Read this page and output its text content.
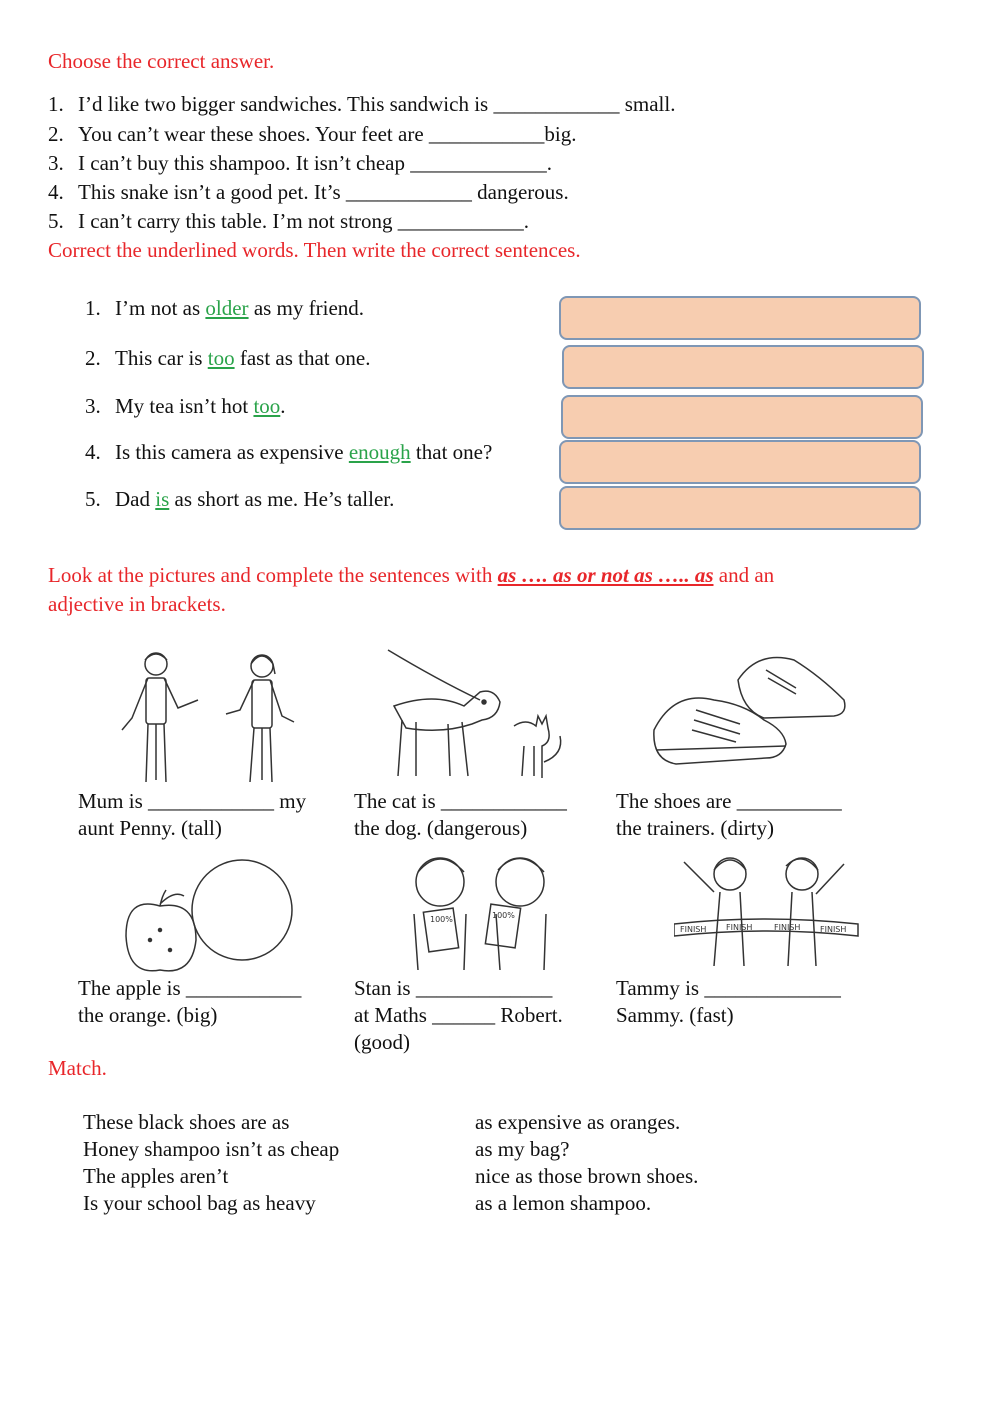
Choose the correct answer.
1. I’d like two bigger sandwiches. This sandwich is ____________ small.
2. You can’t wear these shoes. Your feet are ___________big.
3. I can’t buy this shampoo. It isn’t cheap _____________.
4. This snake isn’t a good pet. It’s ____________ dangerous.
5. I can’t carry this table. I’m not strong ____________.
Correct the underlined words. Then write the correct sentences.
1. I’m not as older as my friend.
2. This car is too fast as that one.
3. My tea isn’t hot too.
4. Is this camera as expensive enough that one?
5. Dad is as short as me. He’s taller.
Look at the pictures and complete the sentences with as …. as or not as ….. as and an
adjective in brackets.
Mum is ____________ my
aunt Penny. (tall)
The cat is ____________
the dog. (dangerous)
The shoes are __________
the trainers. (dirty)
100%	100%
FINISH FINISH	FINISH FINISH
The apple is ___________
the orange. (big)
Stan is _____________
at Maths ______ Robert.
(good)
Tammy is _____________
Sammy. (fast)
Match.
These black shoes are as
Honey shampoo isn’t as cheap
The apples aren’t
Is your school bag as heavy
as expensive as oranges.
as my bag?
nice as those brown shoes.
as a lemon shampoo.
